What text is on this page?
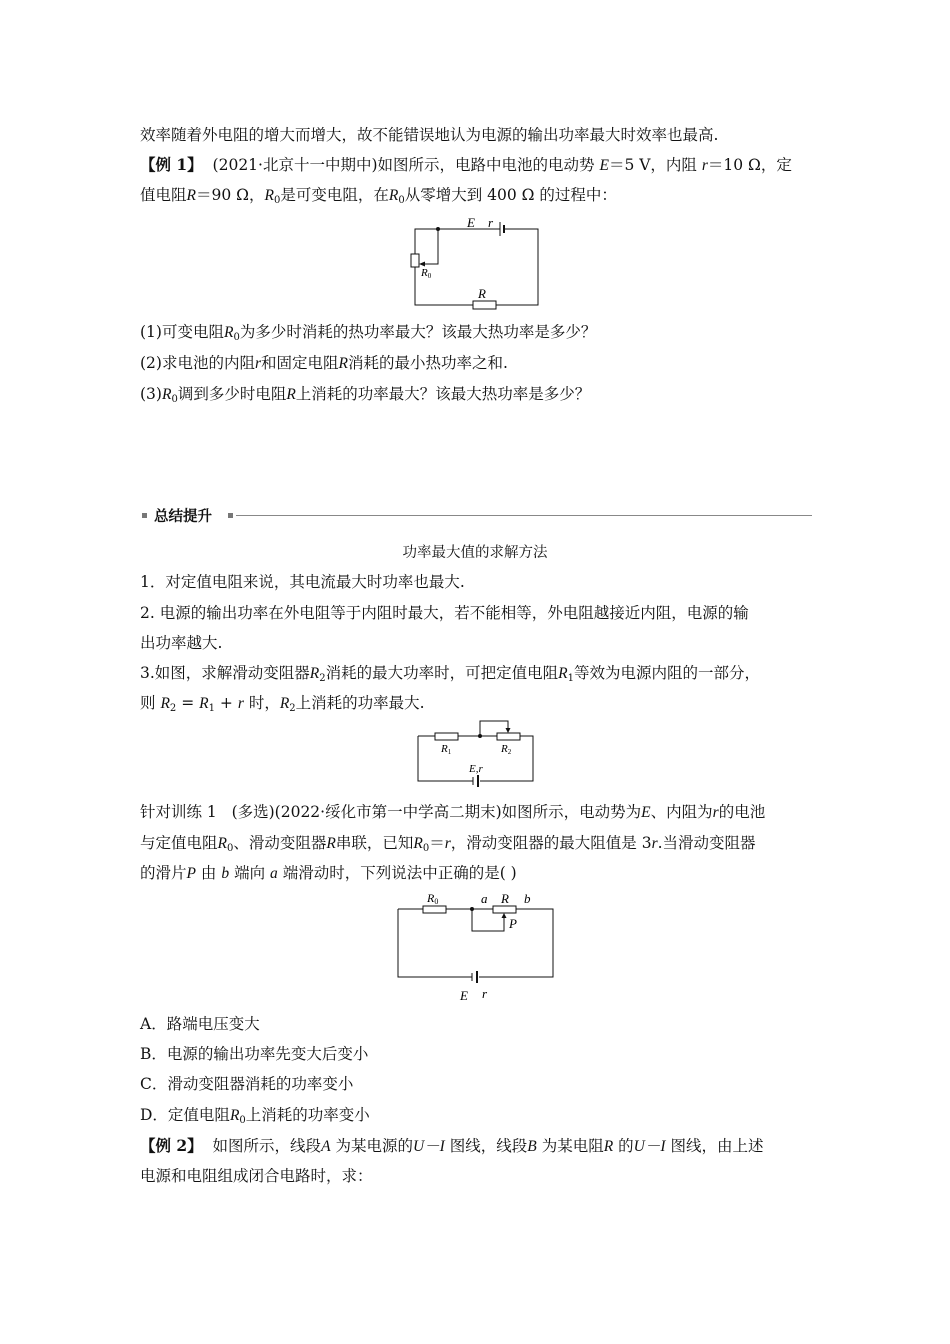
效率随着外电阻的增大而增大，故不能错误地认为电源的输出功率最大时效率也最高.
【例 1】 (2021·北京十一中期中)如图所示，电路中电池的电动势 E＝5 V，内阻 r＝10 Ω，定
值电阻R＝90 Ω，$R_0$是可变电阻，在$R_0$从零增大到 400 Ω 的过程中：
E r
R0
R
(1)可变电阻$R_0$为多少时消耗的热功率最大？该最大热功率是多少？
(2)求电池的内阻r和固定电阻R消耗的最小热功率之和.
$(3)R_0$调到多少时电阻R上消耗的功率最大？该最大热功率是多少？
总结提升
功率最大值的求解方法
1．对定值电阻来说，其电流最大时功率也最大.
2. 电源的输出功率在外电阻等于内阻时最大，若不能相等，外电阻越接近内阻，电源的输
出功率越大.
3.如图，求解滑动变阻器$R_2$消耗的最大功率时，可把定值电阻$R_1$等效为电源内阻的一部分，
则 $R_2 = R_1 + r$ 时，$R_2$上消耗的功率最大.
R1	R2
E,r
针对训练 1 (多选)(2022·绥化市第一中学高二期末)如图所示，电动势为E、内阻为r的电池
与定值电阻$R_0$、滑动变阻器R串联，已知$R_0=r$，滑动变阻器的最大阻值是 3r.当滑动变阻器
的滑片P 由 b 端向 a 端滑动时，下列说法中正确的是( )
R0	a R b
P
E r
A．路端电压变大
B．电源的输出功率先变大后变小
C．滑动变阻器消耗的功率变小
D．定值电阻$R_0$上消耗的功率变小
【例 2】 如图所示，线段A 为某电源的U－I 图线，线段B 为某电阻R 的U－I 图线，由上述
电源和电阻组成闭合电路时，求：
